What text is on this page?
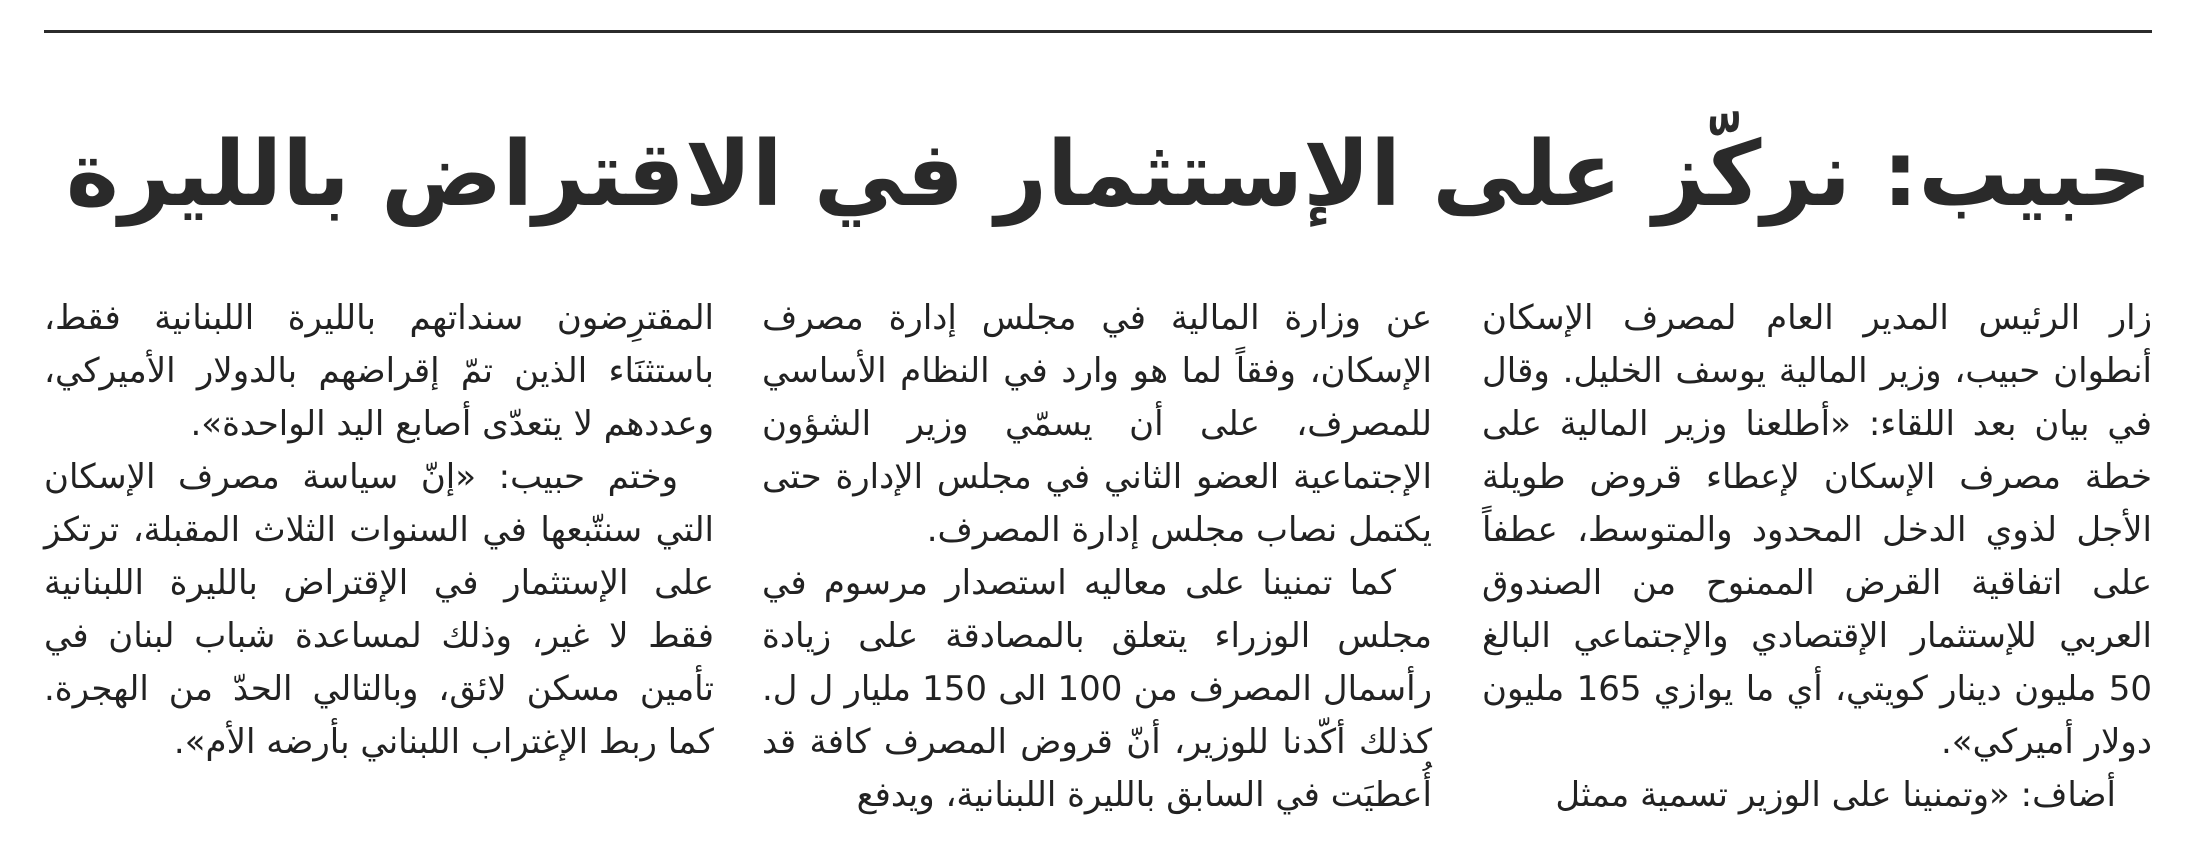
حبيب: نركّز على الإستثمار في الاقتراض بالليرة

زار الرئيس المدير العام لمصرف الإسكان أنطوان حبيب، وزير المالية يوسف الخليل. وقال في بيان بعد اللقاء: «أطلعنا وزير المالية على خطة مصرف الإسكان لإعطاء قروض طويلة الأجل لذوي الدخل المحدود والمتوسط، عطفاً على اتفاقية القرض الممنوح من الصندوق العربي للإستثمار الإقتصادي والإجتماعي البالغ 50 مليون دينار كويتي، أي ما يوازي 165 مليون دولار أميركي».

أضاف: «وتمنينا على الوزير تسمية ممثل

عن وزارة المالية في مجلس إدارة مصرف الإسكان، وفقاً لما هو وارد في النظام الأساسي للمصرف، على أن يسمّي وزير الشؤون الإجتماعية العضو الثاني في مجلس الإدارة حتى يكتمل نصاب مجلس إدارة المصرف.

كما تمنينا على معاليه استصدار مرسوم في مجلس الوزراء يتعلق بالمصادقة على زيادة رأسمال المصرف من 100 الى 150 مليار ل ل. كذلك أكّدنا للوزير، أنّ قروض المصرف كافة قد أُعطيَت في السابق بالليرة اللبنانية، ويدفع

المقترِضون سنداتهم بالليرة اللبنانية فقط، باستثنَاء الذين تمّ إقراضهم بالدولار الأميركي، وعددهم لا يتعدّى أصابع اليد الواحدة».

وختم حبيب: «إنّ سياسة مصرف الإسكان التي سنتّبعها في السنوات الثلاث المقبلة، ترتكز على الإستثمار في الإقتراض بالليرة اللبنانية فقط لا غير، وذلك لمساعدة شباب لبنان في تأمين مسكن لائق، وبالتالي الحدّ من الهجرة. كما ربط الإغتراب اللبناني بأرضه الأم».
